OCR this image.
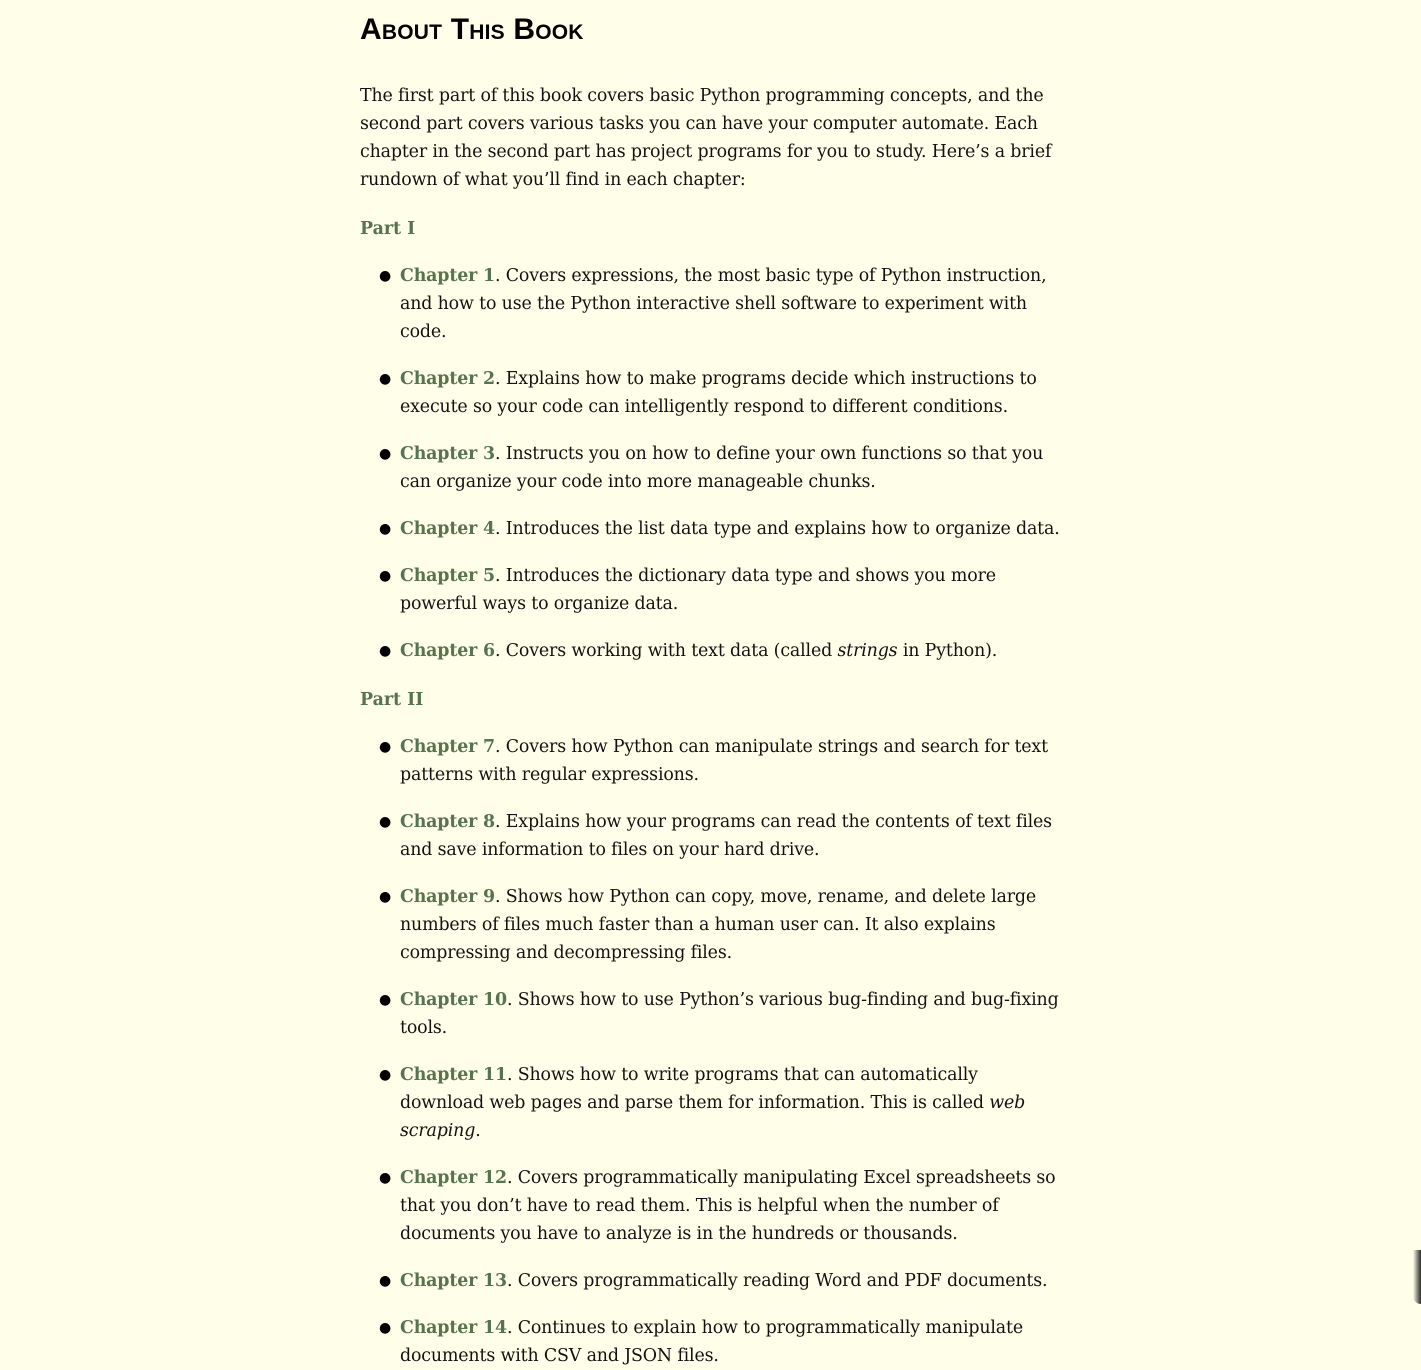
About This Book

The first part of this book covers basic Python programming concepts, and the second part covers various tasks you can have your computer automate. Each chapter in the second part has project programs for you to study. Here’s a brief rundown of what you’ll find in each chapter:

Part I
● Chapter 1. Covers expressions, the most basic type of Python instruction, and how to use the Python interactive shell software to experiment with code.
● Chapter 2. Explains how to make programs decide which instructions to execute so your code can intelligently respond to different conditions.
● Chapter 3. Instructs you on how to define your own functions so that you can organize your code into more manageable chunks.
● Chapter 4. Introduces the list data type and explains how to organize data.
● Chapter 5. Introduces the dictionary data type and shows you more powerful ways to organize data.
● Chapter 6. Covers working with text data (called strings in Python).
Part II
● Chapter 7. Covers how Python can manipulate strings and search for text patterns with regular expressions.
● Chapter 8. Explains how your programs can read the contents of text files and save information to files on your hard drive.
● Chapter 9. Shows how Python can copy, move, rename, and delete large numbers of files much faster than a human user can. It also explains compressing and decompressing files.
● Chapter 10. Shows how to use Python’s various bug-finding and bug-fixing tools.
● Chapter 11. Shows how to write programs that can automatically download web pages and parse them for information. This is called web scraping.
● Chapter 12. Covers programmatically manipulating Excel spreadsheets so that you don’t have to read them. This is helpful when the number of documents you have to analyze is in the hundreds or thousands.
● Chapter 13. Covers programmatically reading Word and PDF documents.
● Chapter 14. Continues to explain how to programmatically manipulate documents with CSV and JSON files.
